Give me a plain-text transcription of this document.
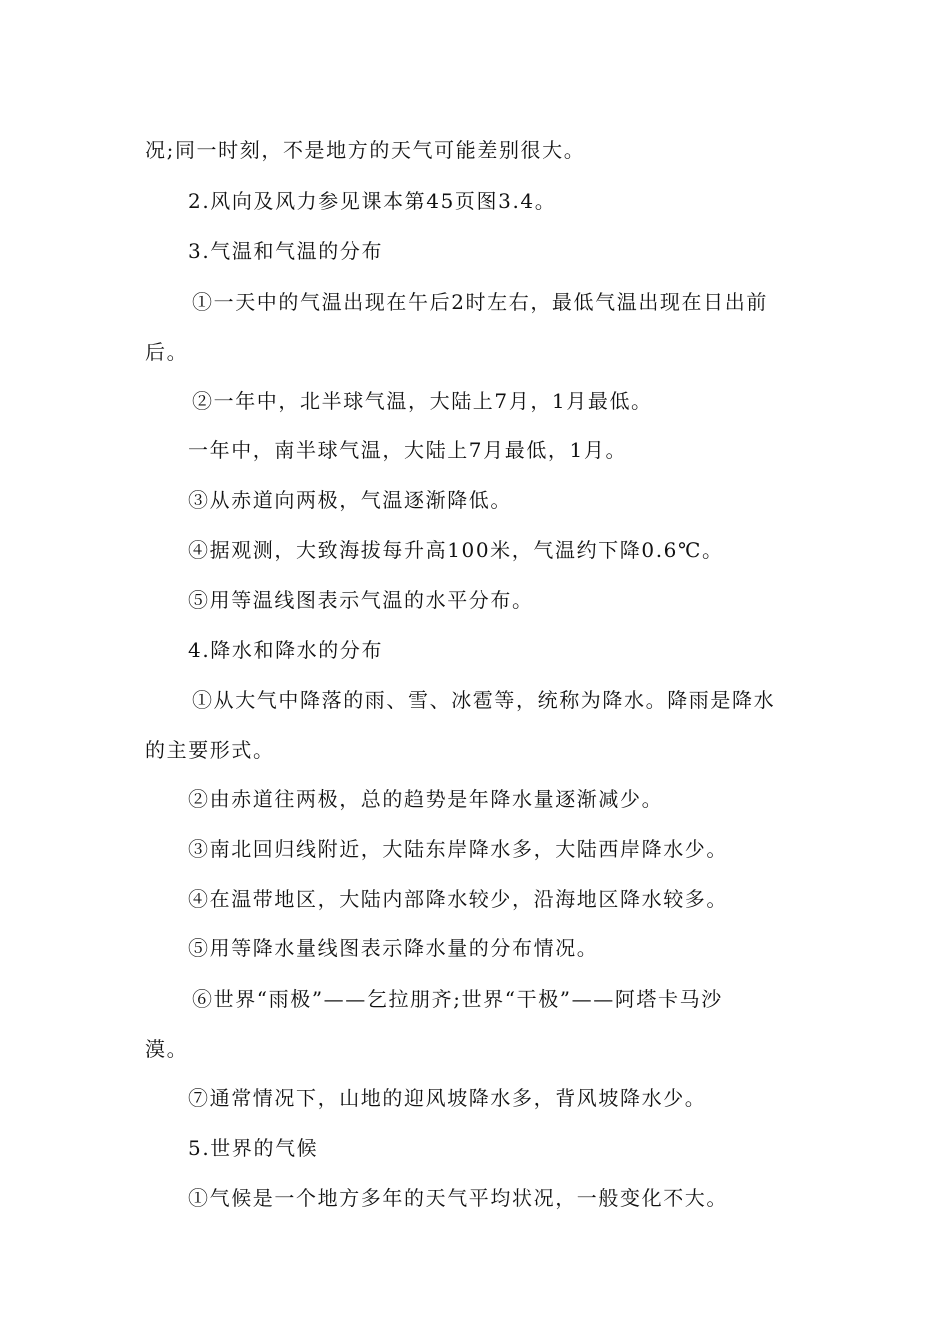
况;同一时刻，不是地方的天气可能差别很大。
2.风向及风力参见课本第45页图3.4。
3.气温和气温的分布
①一天中的气温出现在午后2时左右，最低气温出现在日出前
后。
②一年中，北半球气温，大陆上7月，1月最低。
一年中，南半球气温，大陆上7月最低，1月。
③从赤道向两极，气温逐渐降低。
④据观测，大致海拔每升高100米，气温约下降0.6℃。
⑤用等温线图表示气温的水平分布。
4.降水和降水的分布
①从大气中降落的雨、雪、冰雹等，统称为降水。降雨是降水
的主要形式。
②由赤道往两极，总的趋势是年降水量逐渐减少。
③南北回归线附近，大陆东岸降水多，大陆西岸降水少。
④在温带地区，大陆内部降水较少，沿海地区降水较多。
⑤用等降水量线图表示降水量的分布情况。
⑥世界“雨极”——乞拉朋齐;世界“干极”——阿塔卡马沙
漠。
⑦通常情况下，山地的迎风坡降水多，背风坡降水少。
5.世界的气候
①气候是一个地方多年的天气平均状况，一般变化不大。
